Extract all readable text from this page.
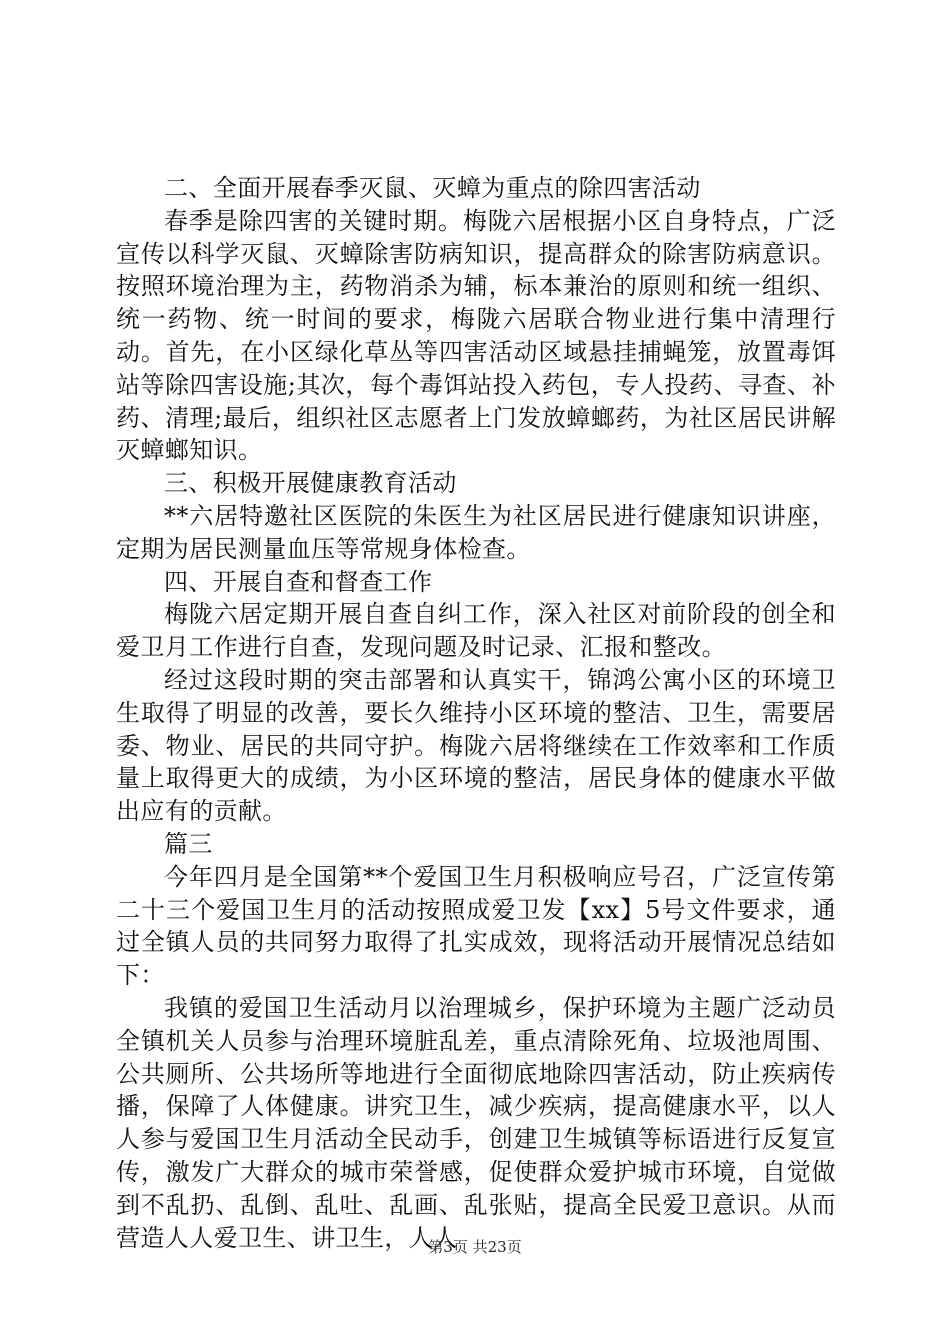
二、全面开展春季灭鼠、灭蟑为重点的除四害活动

春季是除四害的关键时期。梅陇六居根据小区自身特点，广泛宣传以科学灭鼠、灭蟑除害防病知识，提高群众的除害防病意识。按照环境治理为主，药物消杀为辅，标本兼治的原则和统一组织、统一药物、统一时间的要求，梅陇六居联合物业进行集中清理行动。首先，在小区绿化草丛等四害活动区域悬挂捕蝇笼，放置毒饵站等除四害设施;其次，每个毒饵站投入药包，专人投药、寻查、补药、清理;最后，组织社区志愿者上门发放蟑螂药，为社区居民讲解灭蟑螂知识。

三、积极开展健康教育活动

**六居特邀社区医院的朱医生为社区居民进行健康知识讲座，定期为居民测量血压等常规身体检查。

四、开展自查和督查工作

梅陇六居定期开展自查自纠工作，深入社区对前阶段的创全和爱卫月工作进行自查，发现问题及时记录、汇报和整改。

经过这段时期的突击部署和认真实干，锦鸿公寓小区的环境卫生取得了明显的改善，要长久维持小区环境的整洁、卫生，需要居委、物业、居民的共同守护。梅陇六居将继续在工作效率和工作质量上取得更大的成绩，为小区环境的整洁，居民身体的健康水平做出应有的贡献。

篇三

今年四月是全国第**个爱国卫生月积极响应号召，广泛宣传第二十三个爱国卫生月的活动按照成爱卫发【xx】5号文件要求，通过全镇人员的共同努力取得了扎实成效，现将活动开展情况总结如下：

我镇的爱国卫生活动月以治理城乡，保护环境为主题广泛动员全镇机关人员参与治理环境脏乱差，重点清除死角、垃圾池周围、公共厕所、公共场所等地进行全面彻底地除四害活动，防止疾病传播，保障了人体健康。讲究卫生，减少疾病，提高健康水平，以人人参与爱国卫生月活动全民动手，创建卫生城镇等标语进行反复宣传，激发广大群众的城市荣誉感，促使群众爱护城市环境，自觉做到不乱扔、乱倒、乱吐、乱画、乱张贴，提高全民爱卫意识。从而营造人人爱卫生、讲卫生，人人

第3页 共23页
